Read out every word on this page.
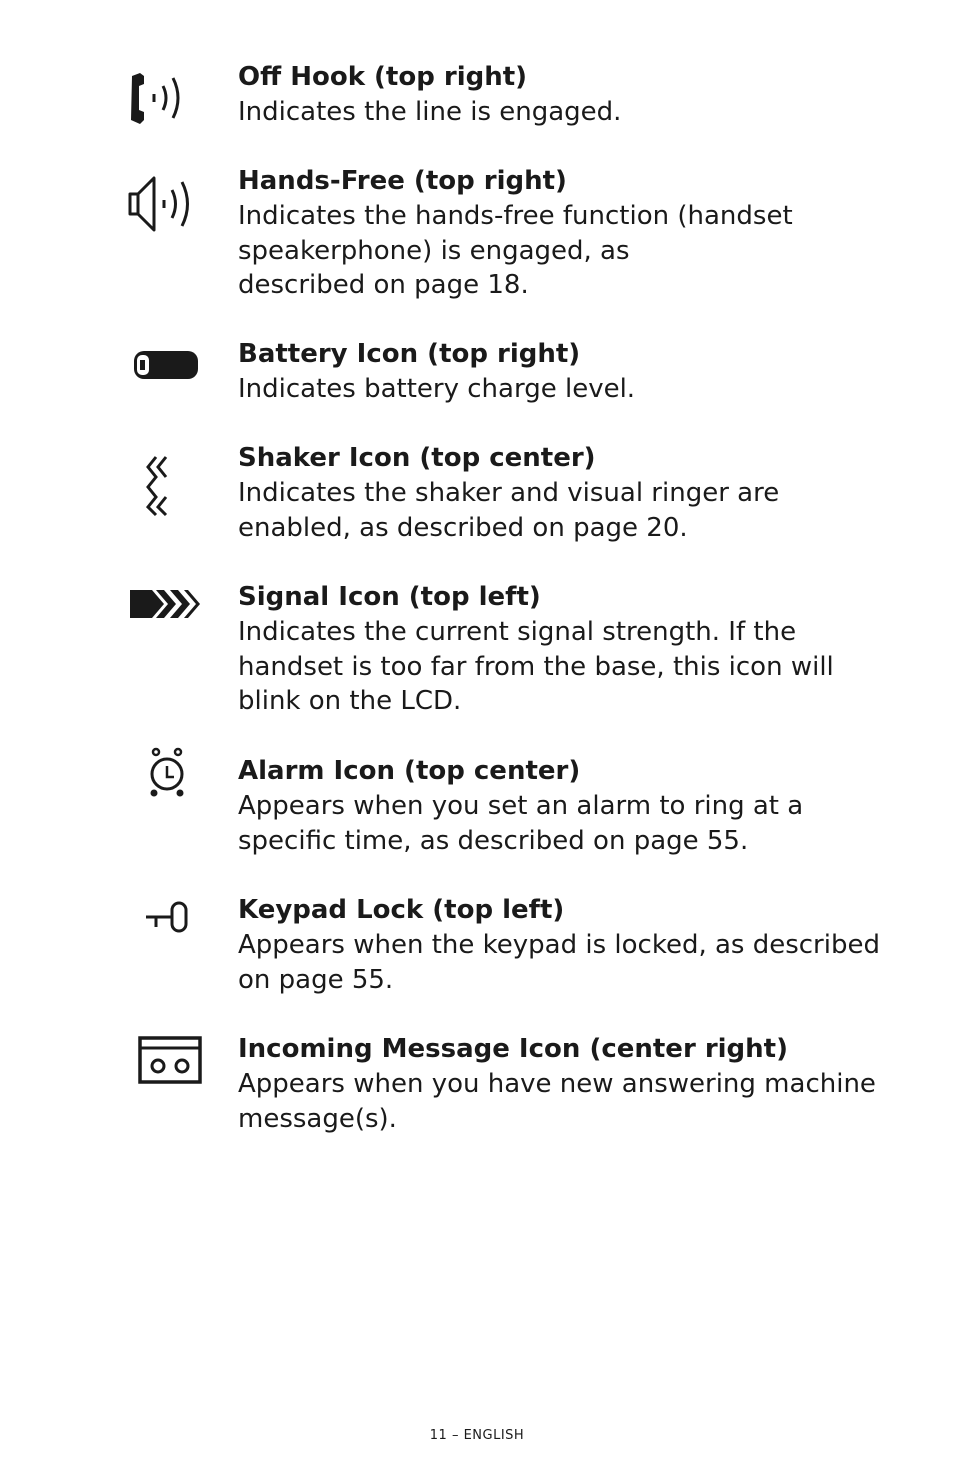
Off Hook (top right)
Indicates the line is engaged.
Hands-Free (top right)
Indicates the hands-free function (handset
speakerphone) is engaged, as
described on page 18.
Battery Icon (top right)
Indicates battery charge level.
Shaker Icon (top center)
Indicates the shaker and visual ringer are
enabled, as described on page 20.
Signal Icon (top left)
Indicates the current signal strength. If the
handset is too far from the base, this icon will
blink on the LCD.
Alarm Icon (top center)
Appears when you set an alarm to ring at a
specific time, as described on page 55.
Keypad Lock (top left)
Appears when the keypad is locked, as described
on page 55.
Incoming Message Icon (center right)
Appears when you have new answering machine
message(s).
11 – ENGLISH
